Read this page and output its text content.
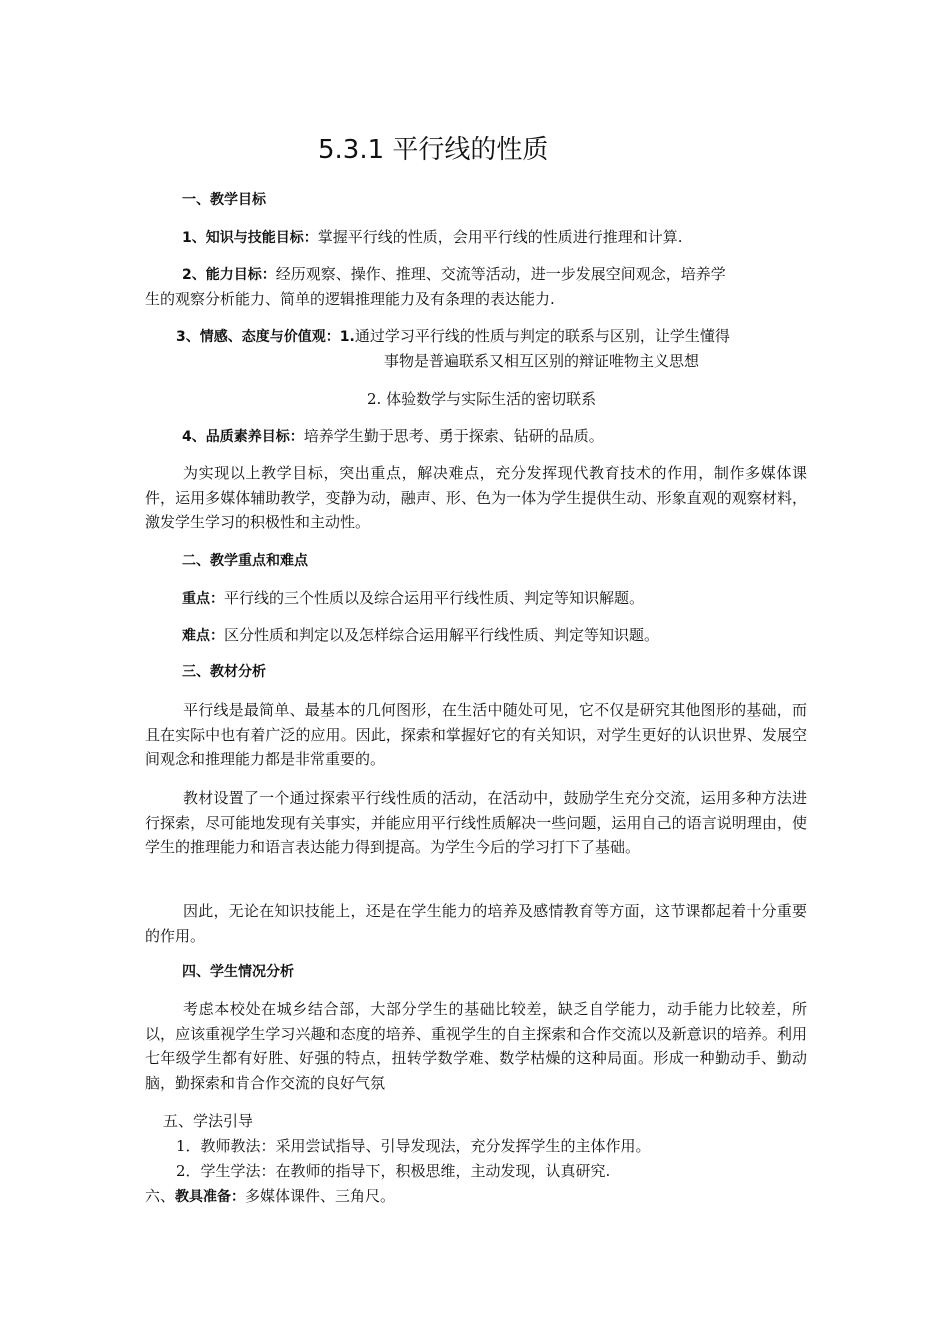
5.3.1 平行线的性质
一、教学目标
1、知识与技能目标：掌握平行线的性质，会用平行线的性质进行推理和计算.
2、能力目标：经历观察、操作、推理、交流等活动，进一步发展空间观念，培养学
生的观察分析能力、简单的逻辑推理能力及有条理的表达能力.
3、情感、态度与价值观：1.通过学习平行线的性质与判定的联系与区别，让学生懂得
事物是普遍联系又相互区别的辩证唯物主义思想
2. 体验数学与实际生活的密切联系
4、品质素养目标：培养学生勤于思考、勇于探索、钻研的品质。
为实现以上教学目标，突出重点，解决难点，充分发挥现代教育技术的作用，制作多媒体课件，运用多媒体辅助教学，变静为动，融声、形、色为一体为学生提供生动、形象直观的观察材料，激发学生学习的积极性和主动性。
二、教学重点和难点
重点：平行线的三个性质以及综合运用平行线性质、判定等知识解题。
难点：区分性质和判定以及怎样综合运用解平行线性质、判定等知识题。
三、教材分析
平行线是最简单、最基本的几何图形，在生活中随处可见，它不仅是研究其他图形的基础，而且在实际中也有着广泛的应用。因此，探索和掌握好它的有关知识，对学生更好的认识世界、发展空间观念和推理能力都是非常重要的。
教材设置了一个通过探索平行线性质的活动，在活动中，鼓励学生充分交流，运用多种方法进行探索，尽可能地发现有关事实，并能应用平行线性质解决一些问题，运用自己的语言说明理由，使学生的推理能力和语言表达能力得到提高。为学生今后的学习打下了基础。
因此，无论在知识技能上，还是在学生能力的培养及感情教育等方面，这节课都起着十分重要的作用。
四、学生情况分析
考虑本校处在城乡结合部，大部分学生的基础比较差，缺乏自学能力，动手能力比较差，所以，应该重视学生学习兴趣和态度的培养、重视学生的自主探索和合作交流以及新意识的培养。利用七年级学生都有好胜、好强的特点，扭转学数学难、数学枯燥的这种局面。形成一种勤动手、勤动脑，勤探索和肯合作交流的良好气氛
五、学法引导
1．教师教法：采用尝试指导、引导发现法，充分发挥学生的主体作用。
2．学生学法：在教师的指导下，积极思维，主动发现，认真研究.
六、教具准备：多媒体课件、三角尺。
